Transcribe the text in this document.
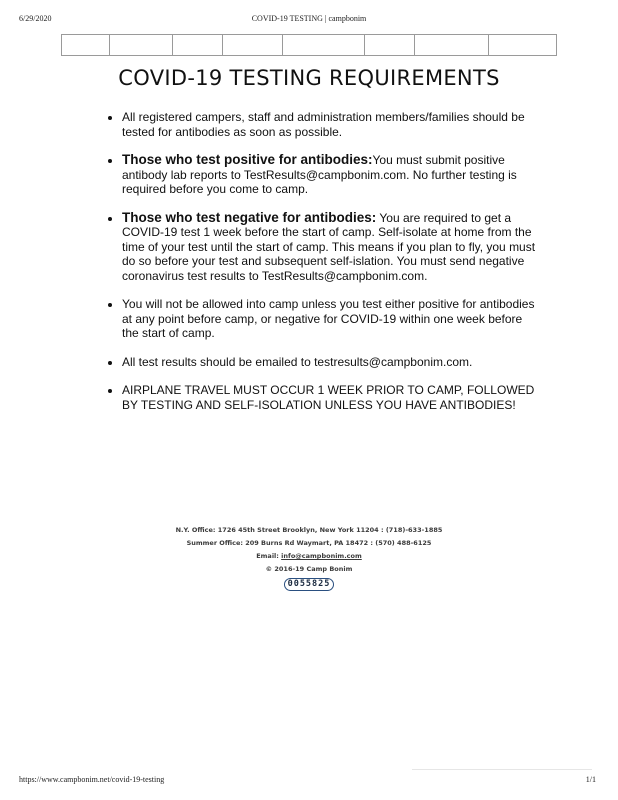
6/29/2020	COVID-19 TESTING | campbonim
COVID-19 TESTING REQUIREMENTS
• All registered campers, staff and administration members/families should be tested for antibodies as soon as possible.
• Those who test positive for antibodies:You must submit positive antibody lab reports to TestResults@campbonim.com. No further testing is required before you come to camp.
• Those who test negative for antibodies: You are required to get a COVID-19 test 1 week before the start of camp. Self-isolate at home from the time of your test until the start of camp. This means if you plan to fly, you must do so before your test and subsequent self-islation. You must send negative coronavirus test results to TestResults@campbonim.com.
• You will not be allowed into camp unless you test either positive for antibodies at any point before camp, or negative for COVID-19 within one week before the start of camp.
• All test results should be emailed to testresults@campbonim.com.
• AIRPLANE TRAVEL MUST OCCUR 1 WEEK PRIOR TO CAMP, FOLLOWED BY TESTING AND SELF-ISOLATION UNLESS YOU HAVE ANTIBODIES!
N.Y. Office: 1726 45th Street Brooklyn, New York 11204 : (718)-633-1885
Summer Office: 209 Burns Rd Waymart, PA 18472 : (570) 488-6125
Email: info@campbonim.com
© 2016-19 Camp Bonim
0055825
https://www.campbonim.net/covid-19-testing	1/1
